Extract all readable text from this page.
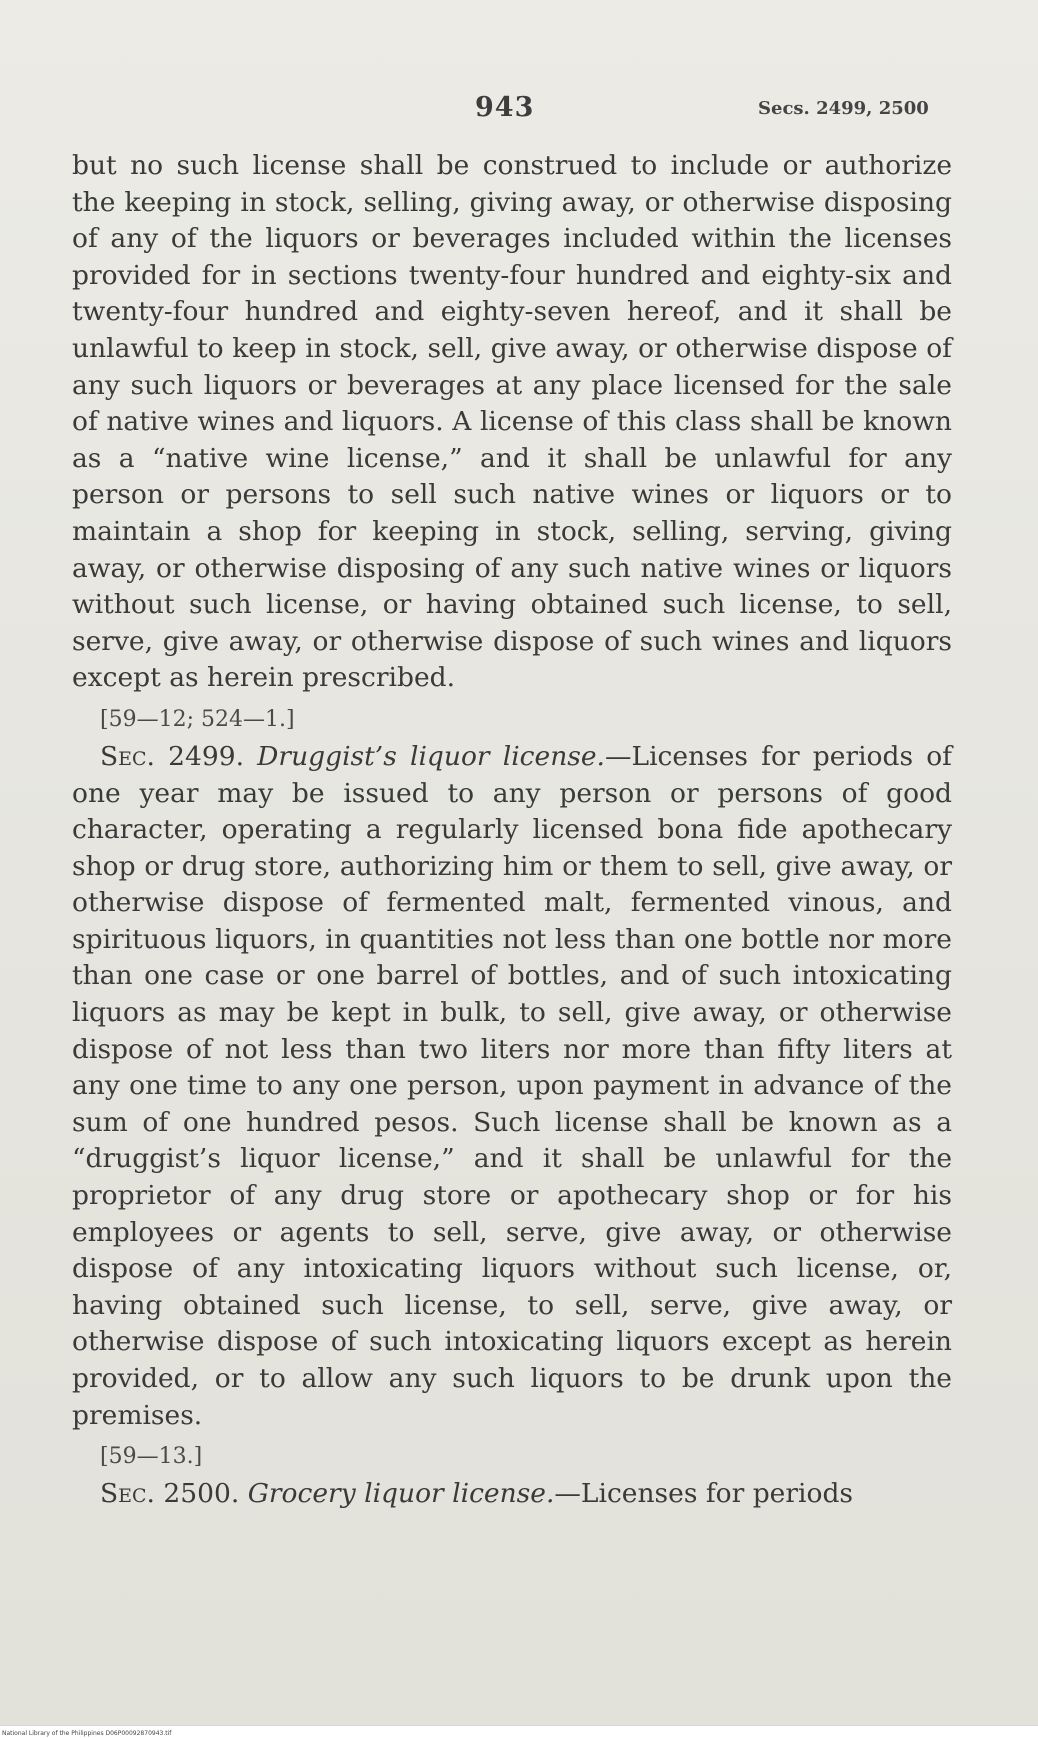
943	Secs. 2499, 2500

but no such license shall be construed to include or authorize the keeping in stock, selling, giving away, or otherwise disposing of any of the liquors or beverages included within the licenses provided for in sections twenty-four hundred and eighty-six and twenty-four hundred and eighty-seven hereof, and it shall be unlawful to keep in stock, sell, give away, or otherwise dispose of any such liquors or beverages at any place licensed for the sale of native wines and liquors. A license of this class shall be known as a “native wine license,” and it shall be unlawful for any person or persons to sell such native wines or liquors or to maintain a shop for keeping in stock, selling, serving, giving away, or otherwise disposing of any such native wines or liquors without such license, or having obtained such license, to sell, serve, give away, or otherwise dispose of such wines and liquors except as herein prescribed.

[59—12; 524—1.]

Sec. 2499. Druggist’s liquor license.—Licenses for periods of one year may be issued to any person or persons of good character, operating a regularly licensed bona fide apothecary shop or drug store, authorizing him or them to sell, give away, or otherwise dispose of fermented malt, fermented vinous, and spirituous liquors, in quantities not less than one bottle nor more than one case or one barrel of bottles, and of such intoxicating liquors as may be kept in bulk, to sell, give away, or otherwise dispose of not less than two liters nor more than fifty liters at any one time to any one person, upon payment in advance of the sum of one hundred pesos. Such license shall be known as a “druggist’s liquor license,” and it shall be unlawful for the proprietor of any drug store or apothecary shop or for his employees or agents to sell, serve, give away, or otherwise dispose of any intoxicating liquors without such license, or, having obtained such license, to sell, serve, give away, or otherwise dispose of such intoxicating liquors except as herein provided, or to allow any such liquors to be drunk upon the premises.

[59—13.]

Sec. 2500. Grocery liquor license.—Licenses for periods

National Library of the Philippines D06P00092870943.tif
